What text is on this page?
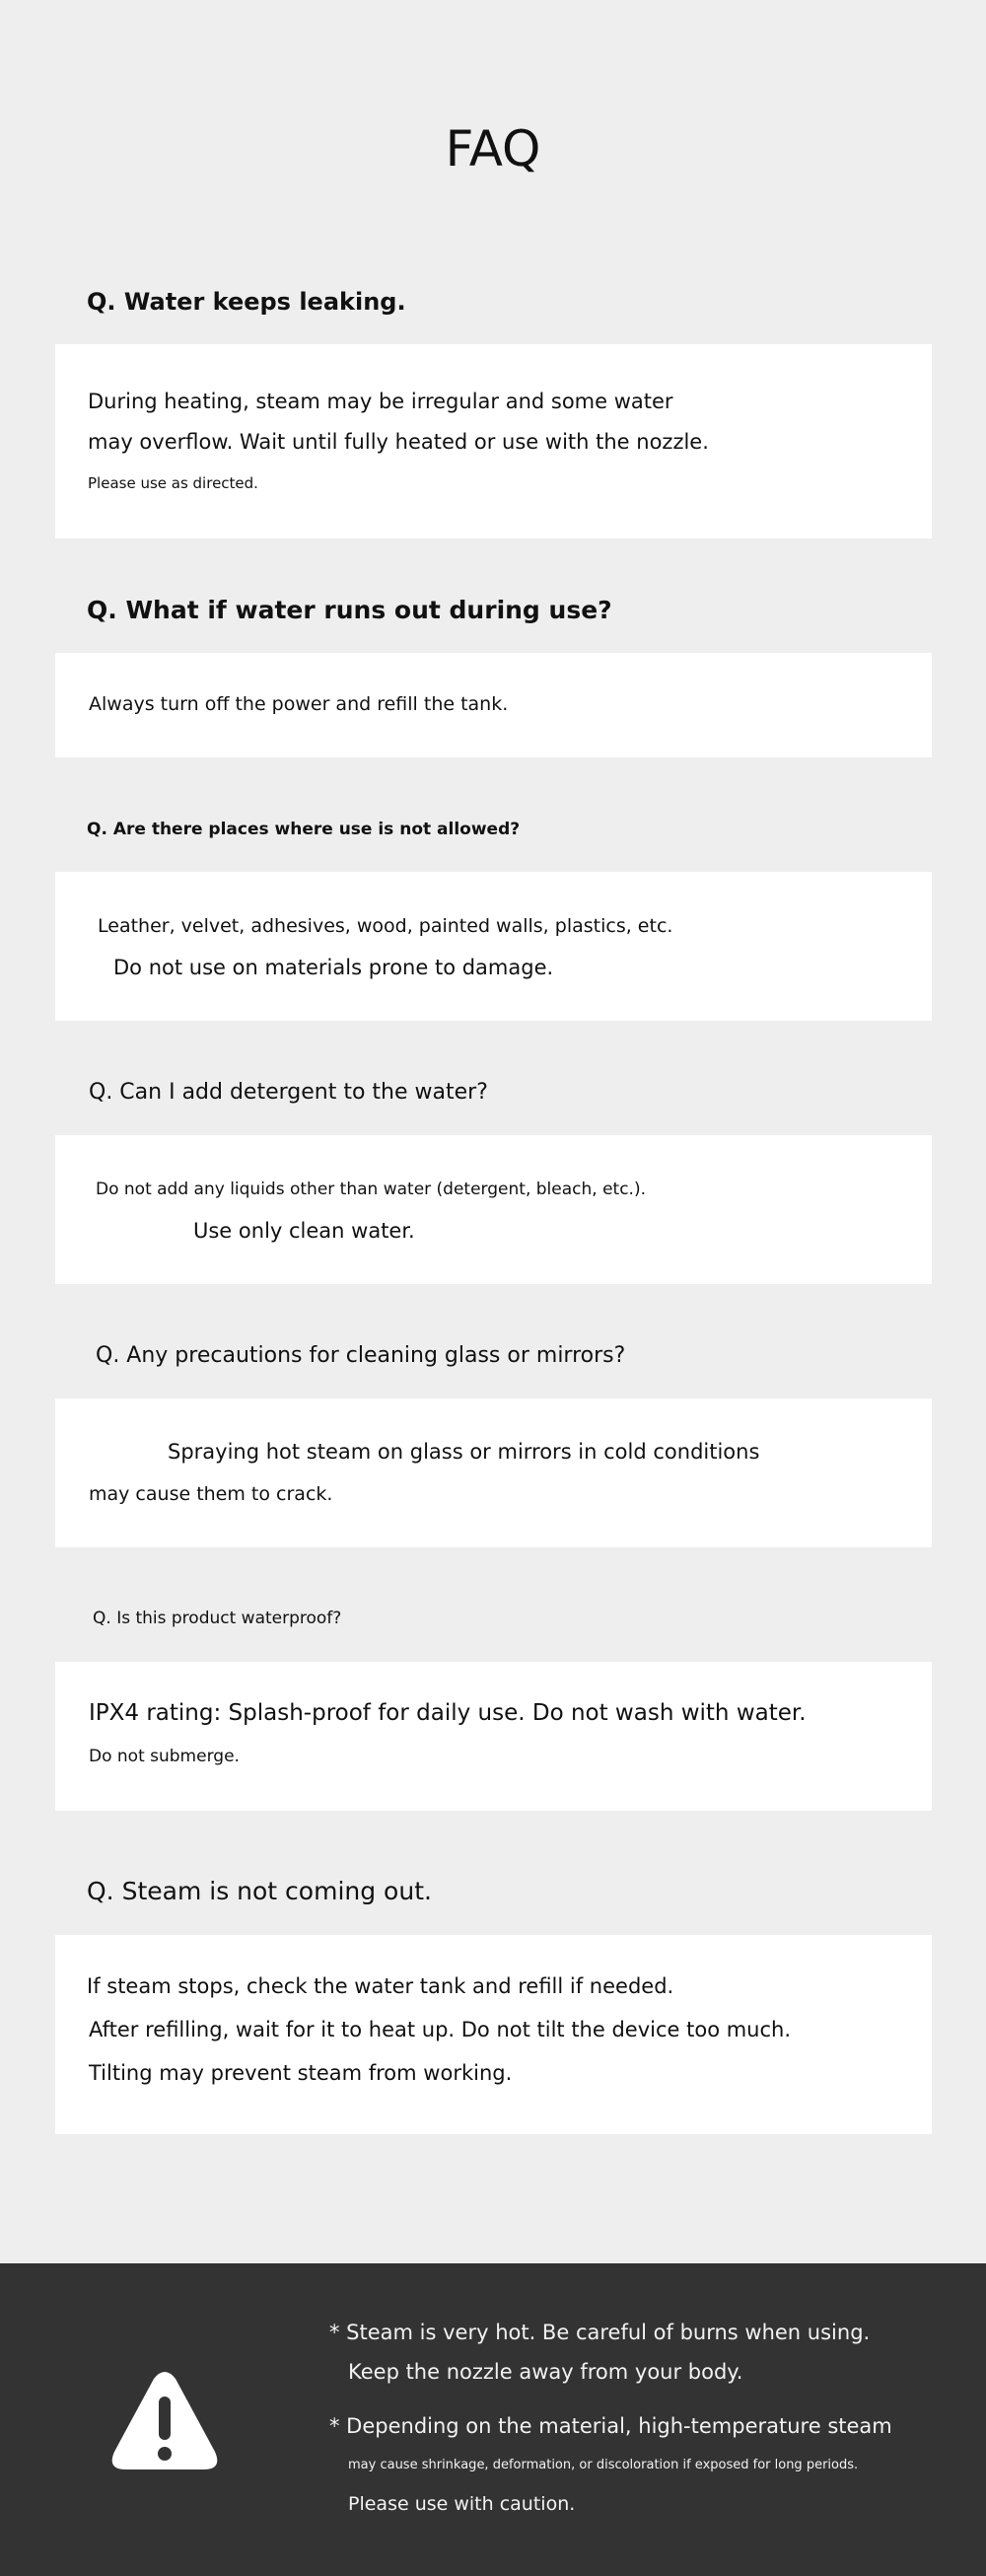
FAQ
Q. Water keeps leaking.
During heating, steam may be irregular and some water
may overflow. Wait until fully heated or use with the nozzle.
Please use as directed.
Q. What if water runs out during use?
Always turn off the power and refill the tank.
Q. Are there places where use is not allowed?
Leather, velvet, adhesives, wood, painted walls, plastics, etc.
Do not use on materials prone to damage.
Q. Can I add detergent to the water?
Do not add any liquids other than water (detergent, bleach, etc.).
Use only clean water.
Q. Any precautions for cleaning glass or mirrors?
Spraying hot steam on glass or mirrors in cold conditions
may cause them to crack.
Q. Is this product waterproof?
IPX4 rating: Splash-proof for daily use. Do not wash with water.
Do not submerge.
Q. Steam is not coming out.
If steam stops, check the water tank and refill if needed.
After refilling, wait for it to heat up. Do not tilt the device too much.
Tilting may prevent steam from working.
* Steam is very hot. Be careful of burns when using.
Keep the nozzle away from your body.
* Depending on the material, high-temperature steam
may cause shrinkage, deformation, or discoloration if exposed for long periods.
Please use with caution.
